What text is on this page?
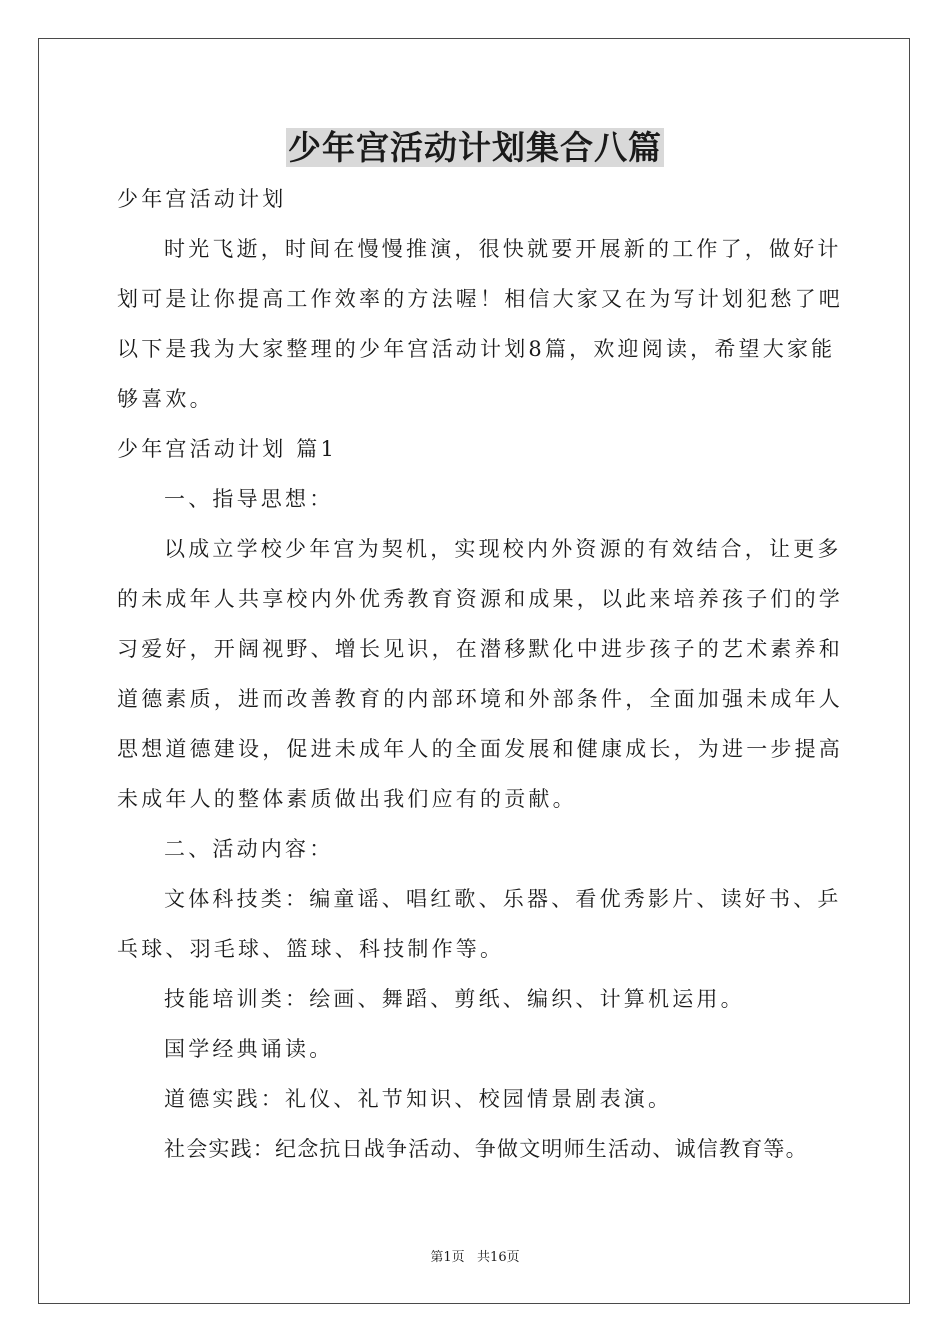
少年宫活动计划集合八篇
少年宫活动计划
时光飞逝，时间在慢慢推演，很快就要开展新的工作了，做好计
划可是让你提高工作效率的方法喔！相信大家又在为写计划犯愁了吧
以下是我为大家整理的少年宫活动计划8篇，欢迎阅读，希望大家能
够喜欢。
少年宫活动计划 篇1
一、指导思想：
以成立学校少年宫为契机，实现校内外资源的有效结合，让更多
的未成年人共享校内外优秀教育资源和成果，以此来培养孩子们的学
习爱好，开阔视野、增长见识，在潜移默化中进步孩子的艺术素养和
道德素质，进而改善教育的内部环境和外部条件，全面加强未成年人
思想道德建设，促进未成年人的全面发展和健康成长，为进一步提高
未成年人的整体素质做出我们应有的贡献。
二、活动内容：
文体科技类：编童谣、唱红歌、乐器、看优秀影片、读好书、乒
乓球、羽毛球、篮球、科技制作等。
技能培训类：绘画、舞蹈、剪纸、编织、计算机运用。
国学经典诵读。
道德实践：礼仪、礼节知识、校园情景剧表演。
社会实践：纪念抗日战争活动、争做文明师生活动、诚信教育等。
第1页   共16页
